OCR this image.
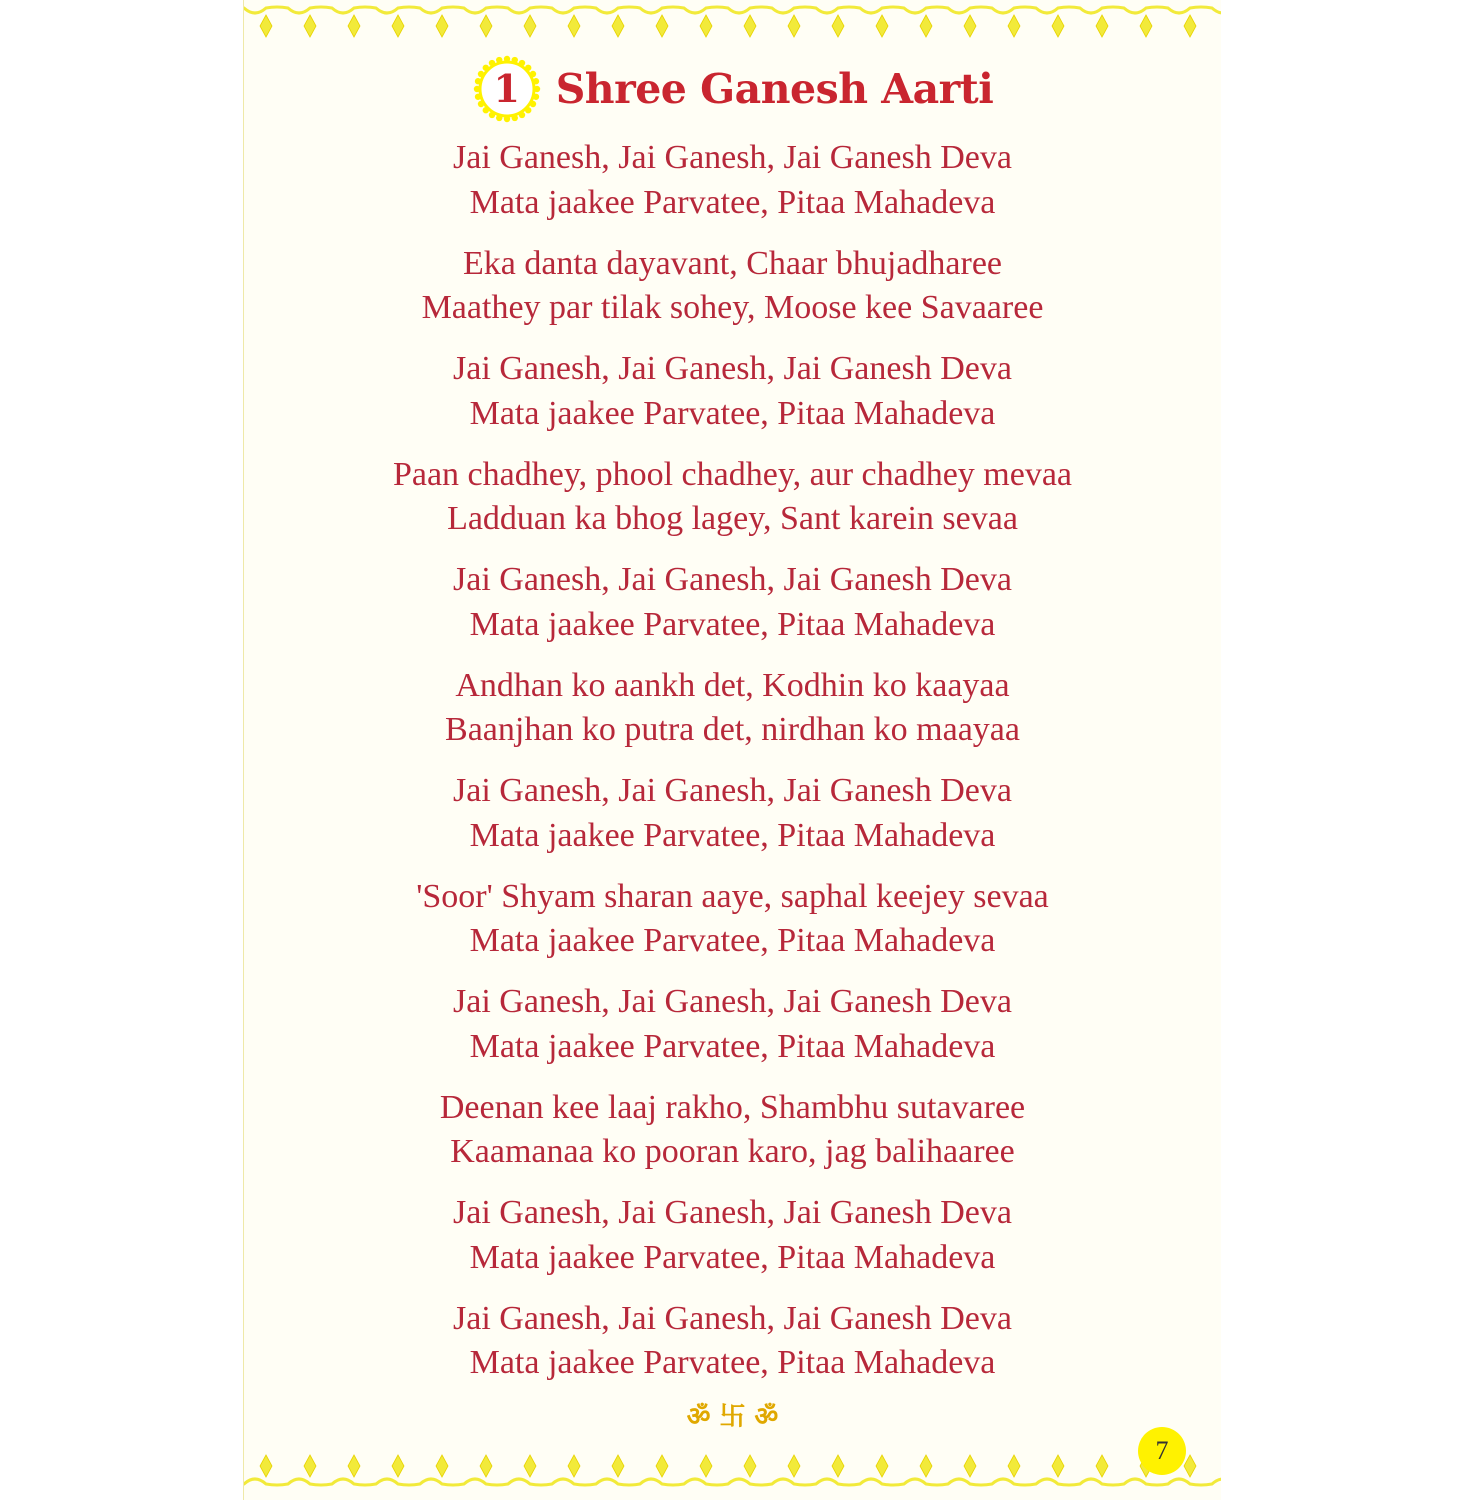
1 Shree Ganesh Aarti
Jai Ganesh, Jai Ganesh, Jai Ganesh Deva
Mata jaakee Parvatee, Pitaa Mahadeva
Eka danta dayavant, Chaar bhujadharee
Maathey par tilak sohey, Moose kee Savaaree
Jai Ganesh, Jai Ganesh, Jai Ganesh Deva
Mata jaakee Parvatee, Pitaa Mahadeva
Paan chadhey, phool chadhey, aur chadhey mevaa
Ladduan ka bhog lagey, Sant karein sevaa
Jai Ganesh, Jai Ganesh, Jai Ganesh Deva
Mata jaakee Parvatee, Pitaa Mahadeva
Andhan ko aankh det, Kodhin ko kaayaa
Baanjhan ko putra det, nirdhan ko maayaa
Jai Ganesh, Jai Ganesh, Jai Ganesh Deva
Mata jaakee Parvatee, Pitaa Mahadeva
'Soor' Shyam sharan aaye, saphal keejey sevaa
Mata jaakee Parvatee, Pitaa Mahadeva
Jai Ganesh, Jai Ganesh, Jai Ganesh Deva
Mata jaakee Parvatee, Pitaa Mahadeva
Deenan kee laaj rakho, Shambhu sutavaree
Kaamanaa ko pooran karo, jag balihaaree
Jai Ganesh, Jai Ganesh, Jai Ganesh Deva
Mata jaakee Parvatee, Pitaa Mahadeva
Jai Ganesh, Jai Ganesh, Jai Ganesh Deva
Mata jaakee Parvatee, Pitaa Mahadeva
ॐ 卐 ॐ
7
